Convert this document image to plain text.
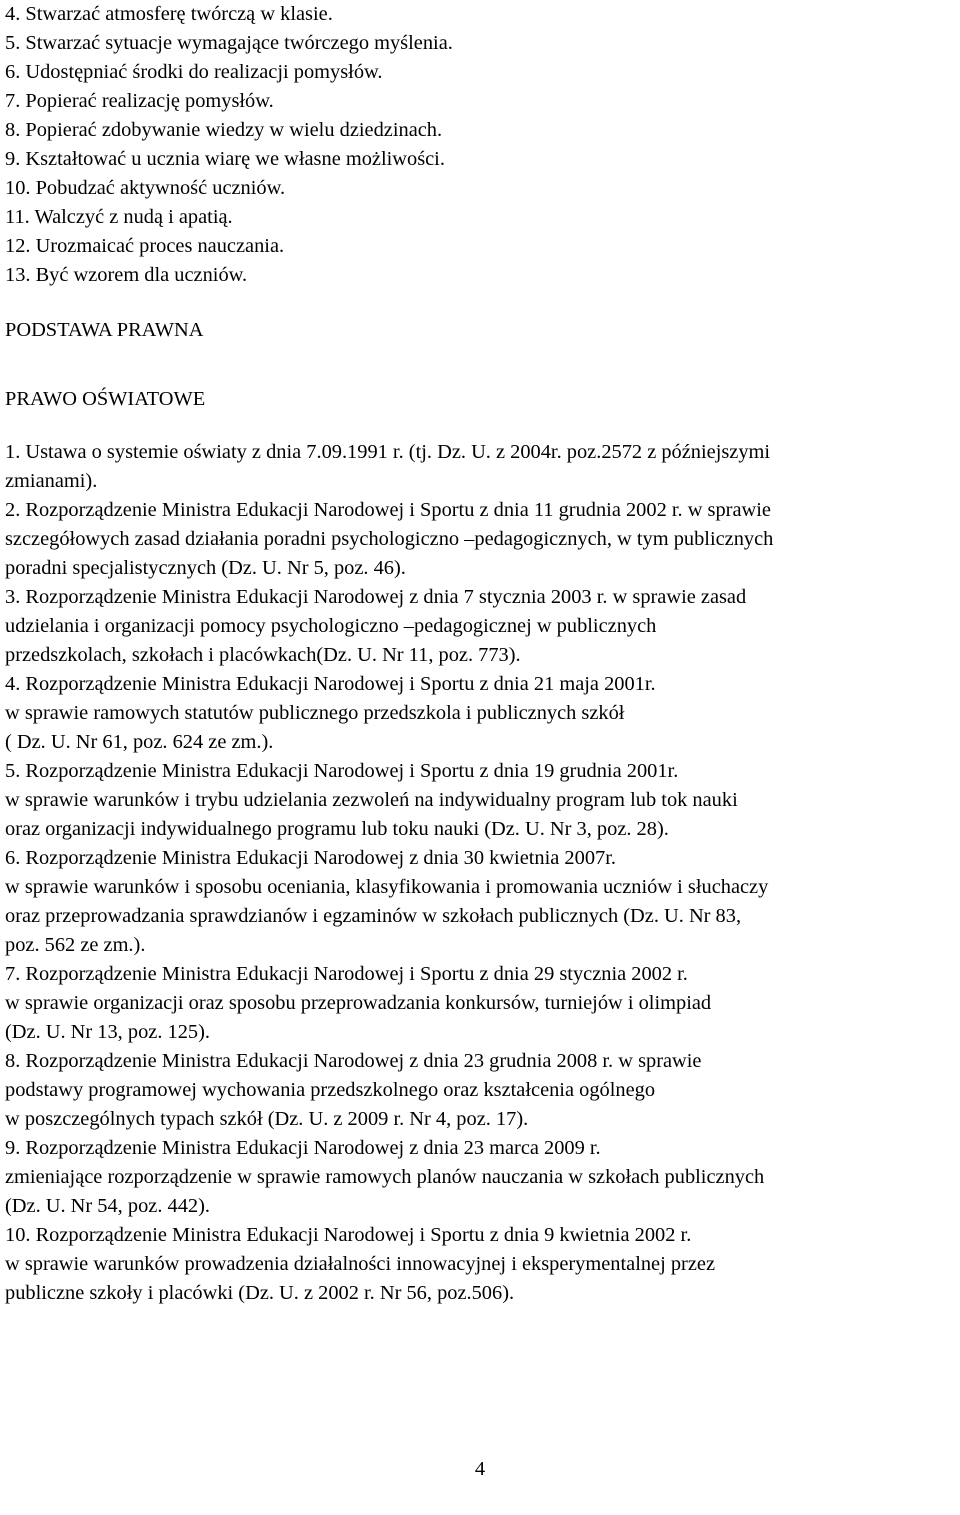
4. Stwarzać atmosferę twórczą w klasie.
5. Stwarzać sytuacje wymagające twórczego myślenia.
6. Udostępniać środki do realizacji pomysłów.
7. Popierać realizację pomysłów.
8. Popierać zdobywanie wiedzy w wielu dziedzinach.
9. Kształtować u ucznia wiarę we własne możliwości.
10. Pobudzać aktywność uczniów.
11. Walczyć z nudą i apatią.
12. Urozmaicać proces nauczania.
13. Być wzorem dla uczniów.
PODSTAWA PRAWNA
PRAWO OŚWIATOWE
1. Ustawa o systemie oświaty z dnia 7.09.1991 r. (tj. Dz. U. z 2004r. poz.2572 z późniejszymi
zmianami).
2. Rozporządzenie Ministra Edukacji Narodowej i Sportu z dnia 11 grudnia 2002 r. w sprawie
szczegółowych zasad działania poradni psychologiczno –pedagogicznych, w tym publicznych
poradni specjalistycznych (Dz. U. Nr 5, poz. 46).
3. Rozporządzenie Ministra Edukacji Narodowej z dnia 7 stycznia 2003 r. w sprawie zasad
udzielania i organizacji pomocy psychologiczno –pedagogicznej w publicznych
przedszkolach, szkołach i placówkach(Dz. U. Nr 11, poz. 773).
4. Rozporządzenie Ministra Edukacji Narodowej i Sportu z dnia 21 maja 2001r.
w sprawie ramowych statutów publicznego przedszkola i publicznych szkół
( Dz. U. Nr 61, poz. 624 ze zm.).
5. Rozporządzenie Ministra Edukacji Narodowej i Sportu z dnia 19 grudnia 2001r.
w sprawie warunków i trybu udzielania zezwoleń na indywidualny program lub tok nauki
oraz organizacji indywidualnego programu lub toku nauki (Dz. U. Nr 3, poz. 28).
6. Rozporządzenie Ministra Edukacji Narodowej z dnia 30 kwietnia 2007r.
w sprawie warunków i sposobu oceniania, klasyfikowania i promowania uczniów i słuchaczy
oraz przeprowadzania sprawdzianów i egzaminów w szkołach publicznych (Dz. U. Nr 83,
poz. 562 ze zm.).
7. Rozporządzenie Ministra Edukacji Narodowej i Sportu z dnia 29 stycznia 2002 r.
w sprawie organizacji oraz sposobu przeprowadzania konkursów, turniejów i olimpiad
(Dz. U. Nr 13, poz. 125).
8. Rozporządzenie Ministra Edukacji Narodowej z dnia 23 grudnia 2008 r. w sprawie
podstawy programowej wychowania przedszkolnego oraz kształcenia ogólnego
w poszczególnych typach szkół (Dz. U. z 2009 r. Nr 4, poz. 17).
9. Rozporządzenie Ministra Edukacji Narodowej z dnia 23 marca 2009 r.
zmieniające rozporządzenie w sprawie ramowych planów nauczania w szkołach publicznych
(Dz. U. Nr 54, poz. 442).
10. Rozporządzenie Ministra Edukacji Narodowej i Sportu z dnia 9 kwietnia 2002 r.
w sprawie warunków prowadzenia działalności innowacyjnej i eksperymentalnej przez
publiczne szkoły i placówki (Dz. U. z 2002 r. Nr 56, poz.506).
4
